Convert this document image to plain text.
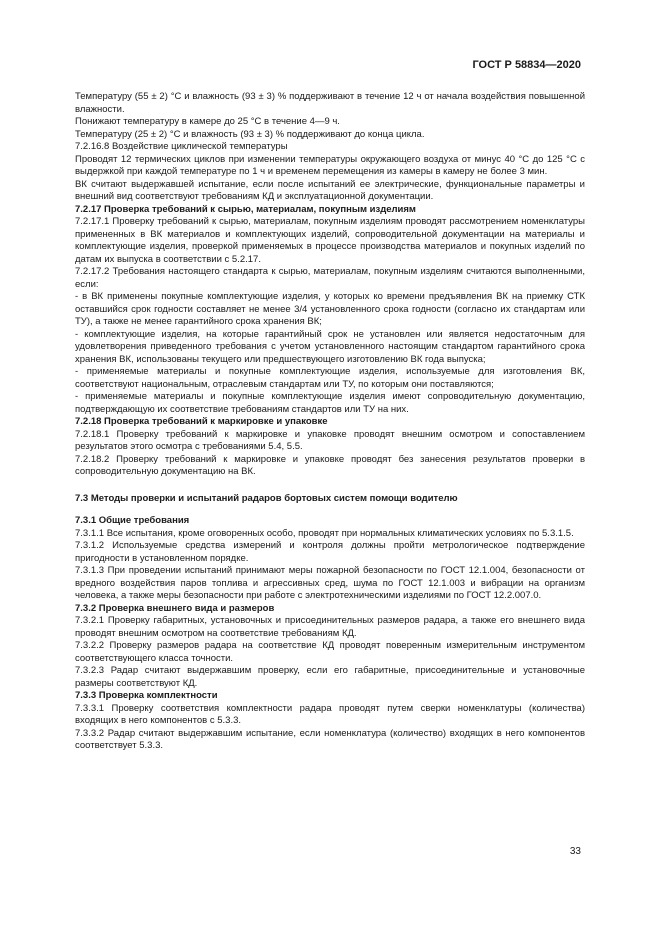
ГОСТ Р 58834—2020

Температуру (55 ± 2) °С и влажность (93 ± 3) % поддерживают в течение 12 ч от начала воздействия повышенной влажности.

Понижают температуру в камере до 25 °С в течение 4—9 ч.

Температуру (25 ± 2) °С и влажность (93 ± 3) % поддерживают до конца цикла.

7.2.16.8 Воздействие циклической температуры

Проводят 12 термических циклов при изменении температуры окружающего воздуха от минус 40 °С до 125 °С с выдержкой при каждой температуре по 1 ч и временем перемещения из камеры в камеру не более 3 мин.

ВК считают выдержавшей испытание, если после испытаний ее электрические, функциональные параметры и внешний вид соответствуют требованиям КД и эксплуатационной документации.

7.2.17 Проверка требований к сырью, материалам, покупным изделиям

7.2.17.1 Проверку требований к сырью, материалам, покупным изделиям проводят рассмотрением номенклатуры примененных в ВК материалов и комплектующих изделий, сопроводительной документации на материалы и комплектующие изделия, проверкой применяемых в процессе производства материалов и покупных изделий по датам их выпуска в соответствии с 5.2.17.

7.2.17.2 Требования настоящего стандарта к сырью, материалам, покупным изделиям считаются выполненными, если:

- в ВК применены покупные комплектующие изделия, у которых ко времени предъявления ВК на приемку СТК оставшийся срок годности составляет не менее 3/4 установленного срока годности (согласно их стандартам или ТУ), а также не менее гарантийного срока хранения ВК;

- комплектующие изделия, на которые гарантийный срок не установлен или является недостаточным для удовлетворения приведенного требования с учетом установленного настоящим стандартом гарантийного срока хранения ВК, использованы текущего или предшествующего изготовлению ВК года выпуска;

- применяемые материалы и покупные комплектующие изделия, используемые для изготовления ВК, соответствуют национальным, отраслевым стандартам или ТУ, по которым они поставляются;

- применяемые материалы и покупные комплектующие изделия имеют сопроводительную документацию, подтверждающую их соответствие требованиям стандартов или ТУ на них.

7.2.18 Проверка требований к маркировке и упаковке

7.2.18.1 Проверку требований к маркировке и упаковке проводят внешним осмотром и сопоставлением результатов этого осмотра с требованиями 5.4, 5.5.

7.2.18.2 Проверку требований к маркировке и упаковке проводят без занесения результатов проверки в сопроводительную документацию на ВК.

7.3 Методы проверки и испытаний радаров бортовых систем помощи водителю

7.3.1 Общие требования

7.3.1.1 Все испытания, кроме оговоренных особо, проводят при нормальных климатических условиях по 5.3.1.5.

7.3.1.2 Используемые средства измерений и контроля должны пройти метрологическое подтверждение пригодности в установленном порядке.

7.3.1.3 При проведении испытаний принимают меры пожарной безопасности по ГОСТ 12.1.004, безопасности от вредного воздействия паров топлива и агрессивных сред, шума по ГОСТ 12.1.003 и вибрации на организм человека, а также меры безопасности при работе с электротехническими изделиями по ГОСТ 12.2.007.0.

7.3.2 Проверка внешнего вида и размеров

7.3.2.1 Проверку габаритных, установочных и присоединительных размеров радара, а также его внешнего вида проводят внешним осмотром на соответствие требованиям КД.

7.3.2.2 Проверку размеров радара на соответствие КД проводят поверенным измерительным инструментом соответствующего класса точности.

7.3.2.3 Радар считают выдержавшим проверку, если его габаритные, присоединительные и установочные размеры соответствуют КД.

7.3.3 Проверка комплектности

7.3.3.1 Проверку соответствия комплектности радара проводят путем сверки номенклатуры (количества) входящих в него компонентов с 5.3.3.

7.3.3.2 Радар считают выдержавшим испытание, если номенклатура (количество) входящих в него компонентов соответствует 5.3.3.

33
